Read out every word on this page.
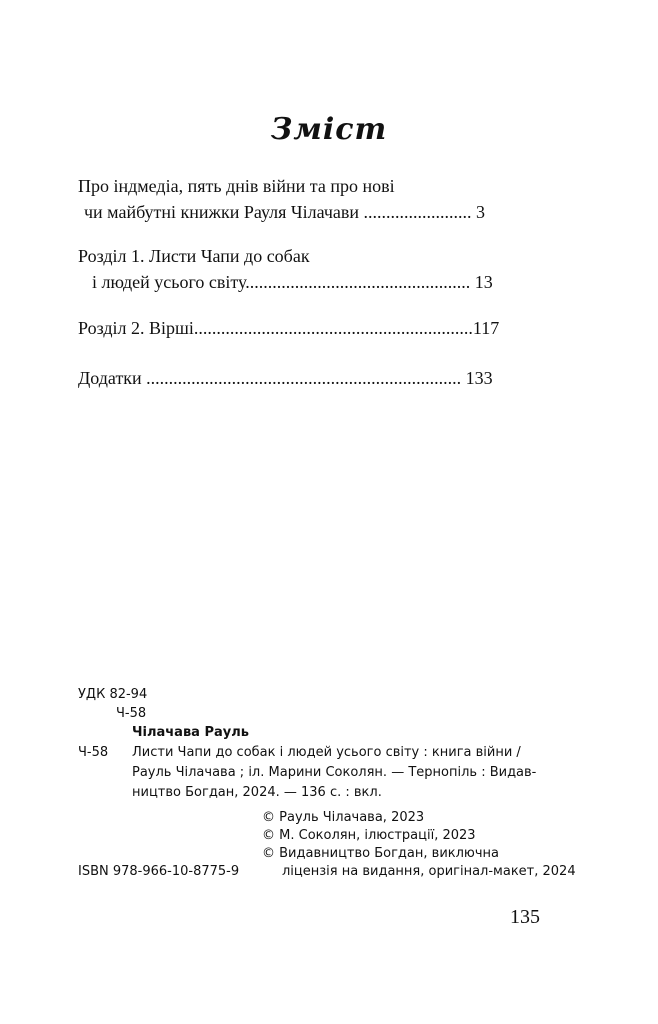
Зміст
Про індмедіа, пять днів війни та про нові
чи майбутні книжки Рауля Чілачави ........................ 3
Розділ 1. Листи Чапи до собак
і людей усього світу.................................................. 13
Розділ 2. Вірші..............................................................117
Додатки ...................................................................... 133
УДК 82-94
Ч-58
Чілачава Рауль
Ч-58 Листи Чапи до собак і людей усього світу : книга війни /
Рауль Чілачава ; іл. Марини Соколян. — Тернопіль : Видав-
ництво Богдан, 2024. — 136 с. : вкл.
© Рауль Чілачава, 2023
© М. Соколян, ілюстрації, 2023
© Видавництво Богдан, виключна
ліцензія на видання, оригінал-макет, 2024
ISBN 978-966-10-8775-9
135
